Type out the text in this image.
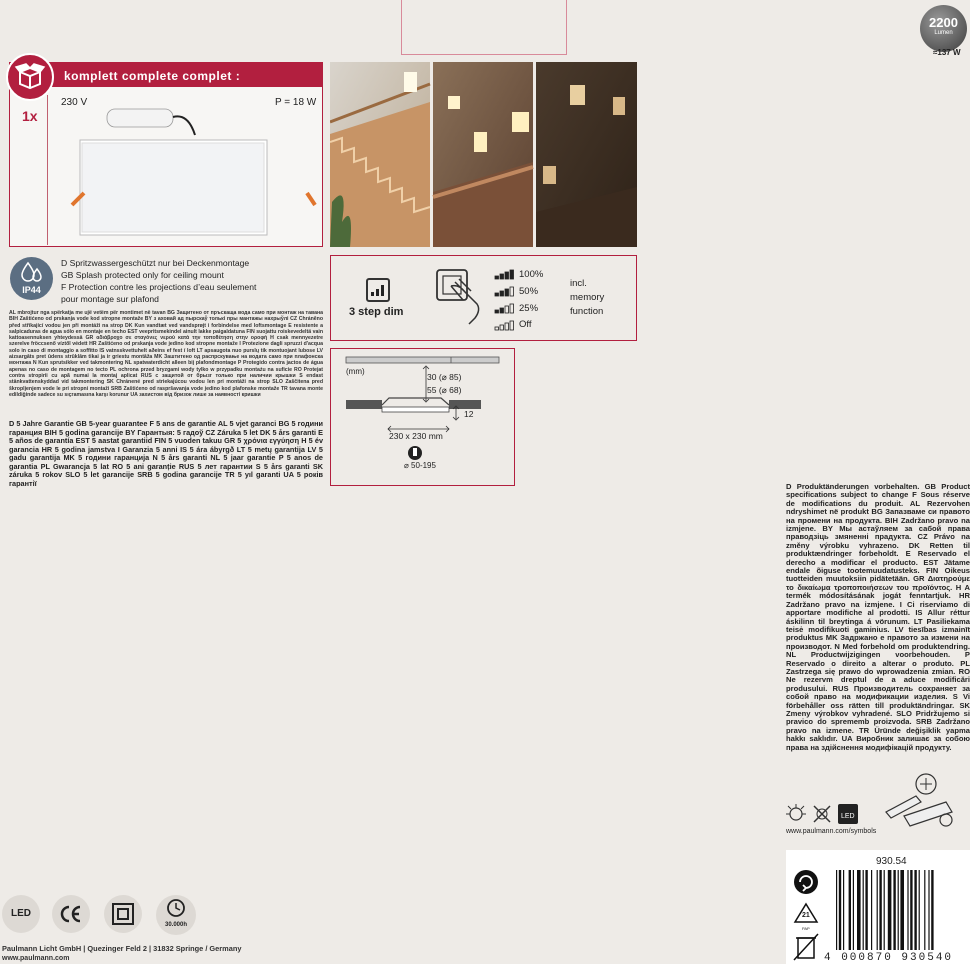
2200
Lumen
≈137 W
komplett complete complet :
1x
230 V	P = 18 W
IP44
D Spritzwassergeschützt nur bei Deckenmontage
GB Splash protected only for ceiling mount
F Protection contre les projections d’eau seulement
pour montage sur plafond
AL mbrojtur nga spërkatja me ujë vetëm për montimet në tavan BG Защитено от пръскаща вода само при монтаж на тавана BIH Zaštićeno od prskanja vode kod stropne montaže BY з аховай ад пырскаў толькі пры мантажы нахрыўлі CZ Chráněno před stříkající vodou jen při montáži na strop DK Kun vandtæt ved vandsprøjt i forbindelse med loftsmontage E resistente a salpicaduras de agua sólo en montaje en techo EST veepritsmekindel ainult lakke paigaldatuna FIN suojattu roiskevedeltä vain kattoasennuksen yhteydessä GR αδιάβροχο σε σταγόνες νερού κατά την τοποθέτηση στην οροφή H csak mennyezetre szerelve fröccsenő víztől védett HR Zaštićeno od prskanja vode jedino kod stropne montaže I Protezione dagli spruzzi d'acqua solo in caso di montaggio a soffitto IS vatnsskvettuhelt aðeins ef fest í loft LT apsaugota nuo purslų tik montuojant lubose LV aizsargāts pret ūdens strūklām tikai ja ir griestu montāža MK Заштитено од распрскување на водата само при плафонска монтажа N Kun sprutsikker ved takmontering NL spatwaterdicht alleen bij plafondmontage P Protegido contra jactos de água apenas no caso de montagem no tecto PL ochrona przed bryzgami wody tylko w przypadku montażu na suficie RO Protejat contra stropirii cu apă numai la montaj aplicat RUS с защитой от брызг только при наличии крышки S endast stänkvattenskyddad vid takmontering SK Chránené pred striekajúcou vodou len pri montáži na strop SLO Zaščitena pred škropljenjem vode le pri stropni montaži SRB Zaštićeno od raspršavanja vode jedino kod plafonske montaže TR tavana monte edildiğinde sadece su sıçramasına karşı korunur UA захистом від бризок лише за наявності кришки
D 5 Jahre Garantie GB 5-year guarantee F 5 ans de garantie AL 5 vjet garanci BG 5 години гаранция BIH 5 godina garancije BY Гарантыя: 5 гадоў CZ Záruka 5 let DK 5 års garanti E 5 años de garantía EST 5 aastat garantiid FIN 5 vuoden takuu GR 5 χρόνια εγγύηση H 5 év garancia HR 5 godina jamstva I Garanzia 5 anni IS 5 ára ábyrgð LT 5 metų garantija LV 5 gadu garantija MK 5 години гаранција N 5 års garanti NL 5 jaar garantie P 5 anos de garantia PL Gwarancja 5 lat RO 5 ani garanție RUS 5 лет гарантии S 5 års garanti SK záruka 5 rokov SLO 5 let garancije SRB 5 godina garancije TR 5 yıl garanti UA 5 років гарантії
3 step dim
100%
50%
25%
Off
incl.
memory
function
(mm)
30 (⌀ 85)
55 (⌀ 68)
12
230 x 230 mm
⌀ 50-195
D Produktänderungen vorbehalten. GB Product specifications subject to change F Sous réserve de modifications du produit. AL Rezervohen ndryshimet në produkt BG Запазваме си правото на промени на продукта. BIH Zadržano pravo na izmjene. BY Мы астаўляем за сабой права праводзіць змяненні прадукта. CZ Právo na změny výrobku vyhrazeno. DK Retten til produktændringer forbeholdt. E Reservado el derecho a modificar el producto. EST Jätame endale õiguse tootemuudatusteks. FIN Oikeus tuotteiden muutoksiin pidätetään. GR Διατηρούμε το δικαίωμα τροποποιήσεων του προϊόντος. H A termék módosításának jogát fenntartjuk. HR Zadržano pravo na izmjene. I Ci riserviamo di apportare modifiche al prodotti. IS Allur réttur áskilinn til breytinga á vörunum. LT Pasiliekama teisė modifikuoti gaminius. LV tiesības izmainīt produktus MK Задржано е правото за измени на производот. N Med forbehold om produktendring. NL Productwijzigingen voorbehouden. P Reservado o direito a alterar o produto. PL Zastrzega się prawo do wprowadzenia zmian. RO Ne rezervm dreptul de a aduce modificări produsului. RUS Производитель сохраняет за собой право на модификации изделия. S Vi förbehåller oss rätten till produktändringar. SK Zmeny výrobkov vyhradené. SLO Pridržujemo si pravico do sprememb proizvoda. SRB Zadržano pravo na izmene. TR Üründe değişiklik yapma hakkı saklıdır. UA Виробник залишає за собою права на здійснення модифікацій продукту.
LED
www.paulmann.com/symbols
930.54
21
PAP
4 000870 930540
LED
30.000h
Paulmann Licht GmbH | Quezinger Feld 2 | 31832 Springe / Germany
www.paulmann.com
